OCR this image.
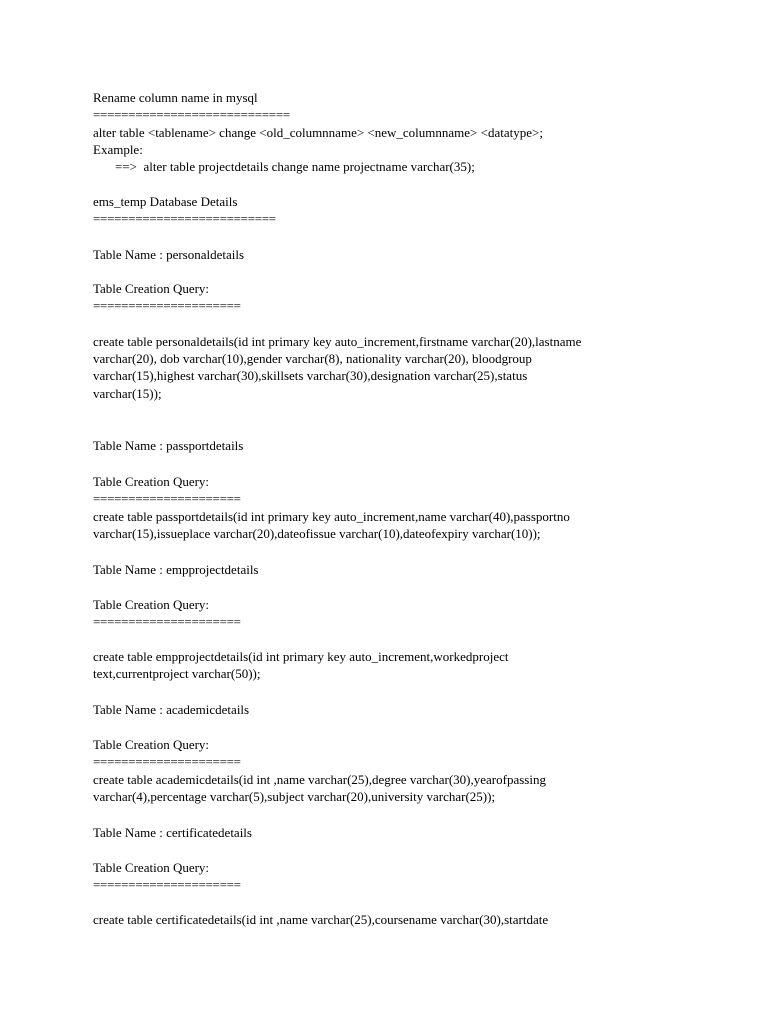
Rename column name in mysql
============================
alter table <tablename> change <old_columnname> <new_columnname> <datatype>;
Example:
==>  alter table projectdetails change name projectname varchar(35);
ems_temp Database Details
==========================
Table Name : personaldetails
Table Creation Query:
=====================
create table personaldetails(id int primary key auto_increment,firstname varchar(20),lastname
varchar(20), dob varchar(10),gender varchar(8), nationality varchar(20), bloodgroup
varchar(15),highest varchar(30),skillsets varchar(30),designation varchar(25),status
varchar(15));
Table Name : passportdetails
Table Creation Query:
=====================
create table passportdetails(id int primary key auto_increment,name varchar(40),passportno
varchar(15),issueplace varchar(20),dateofissue varchar(10),dateofexpiry varchar(10));
Table Name : empprojectdetails
Table Creation Query:
=====================
create table empprojectdetails(id int primary key auto_increment,workedproject
text,currentproject varchar(50));
Table Name : academicdetails
Table Creation Query:
=====================
create table academicdetails(id int ,name varchar(25),degree varchar(30),yearofpassing
varchar(4),percentage varchar(5),subject varchar(20),university varchar(25));
Table Name : certificatedetails
Table Creation Query:
=====================
create table certificatedetails(id int ,name varchar(25),coursename varchar(30),startdate
